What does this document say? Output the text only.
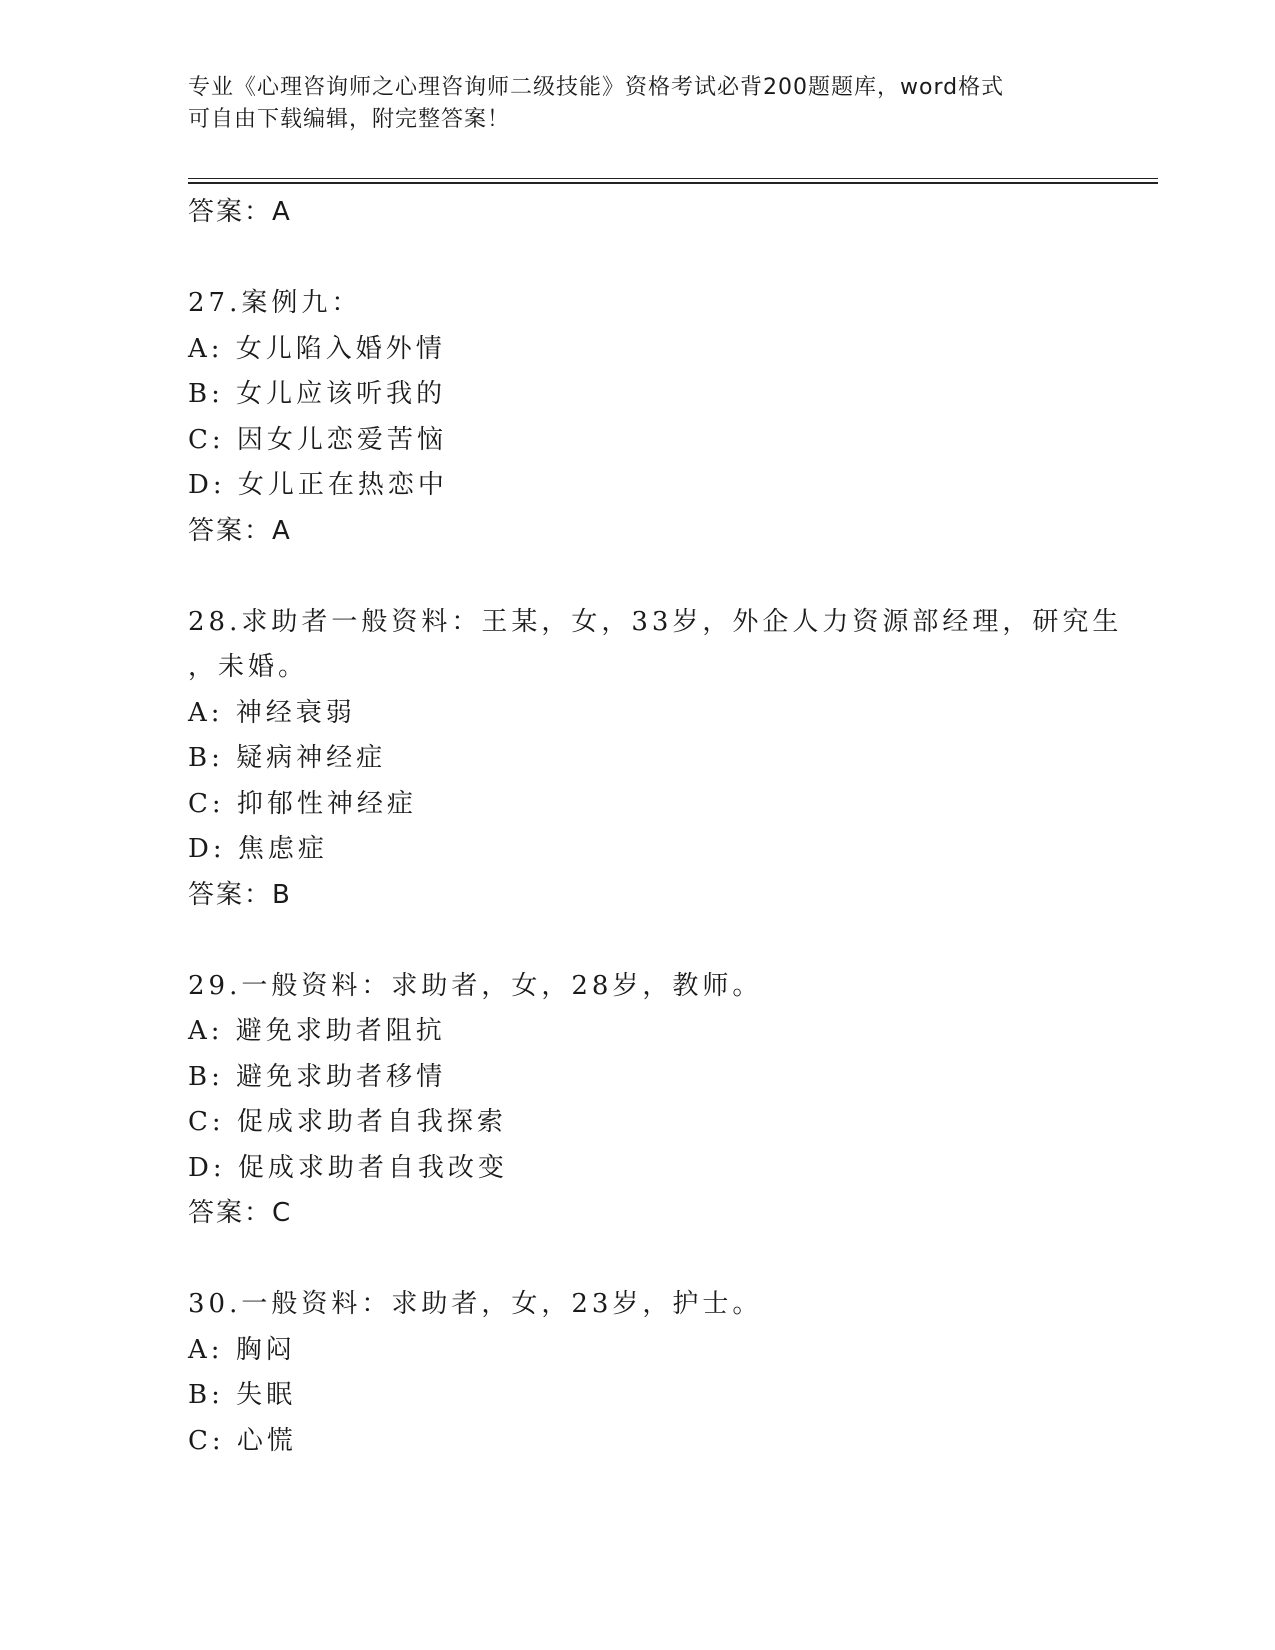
专业《心理咨询师之心理咨询师二级技能》资格考试必背200题题库，word格式
可自由下载编辑，附完整答案！
答案：A
27.案例九：
A: 女儿陷入婚外情
B: 女儿应该听我的
C: 因女儿恋爱苦恼
D: 女儿正在热恋中
答案：A
28.求助者一般资料：王某，女，33岁，外企人力资源部经理，研究生
，未婚。
A: 神经衰弱
B: 疑病神经症
C: 抑郁性神经症
D: 焦虑症
答案：B
29.一般资料：求助者，女，28岁，教师。
A: 避免求助者阻抗
B: 避免求助者移情
C: 促成求助者自我探索
D: 促成求助者自我改变
答案：C
30.一般资料：求助者，女，23岁，护士。
A: 胸闷
B: 失眠
C: 心慌
